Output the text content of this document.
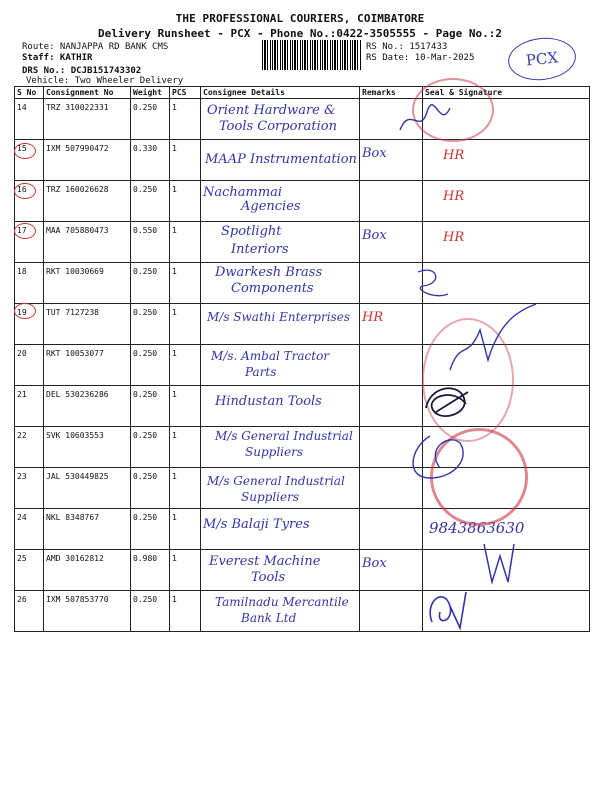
THE PROFESSIONAL COURIERS, COIMBATORE
Delivery Runsheet - PCX - Phone No.:0422-3505555 - Page No.:2
Route: NANJAPPA RD BANK CMS
Staff: KATHIR
DRS No.: DCJB151743302
Vehicle: Two Wheeler Delivery
RS No.: 1517433
RS Date: 10-Mar-2025	PCX
S No	Consignment No	Weight	PCS	Consignee Details	Remarks	Seal & Signature
14	TRZ 310022331	0.250	1	Orient Hardware &
Tools Corporation		

15	IXM 507990472	0.330	1	MAAP Instrumentation	Box	HR

16	TRZ 160026628	0.250	1	Nachammai
Agencies		HR

17	MAA 705880473	0.550	1	Spotlight
Interiors	Box	HR

18	RKT 10030669	0.250	1	Dwarkesh Brass
Components		

19	TUT 7127238	0.250	1	M/s Swathi Enterprises	HR	

20	RKT 10053077	0.250	1	M/s. Ambal Tractor
Parts		

21	DEL 530236286	0.250	1	Hindustan Tools		

22	SVK 10603553	0.250	1	M/s General Industrial
Suppliers		

23	JAL 530449825	0.250	1	M/s General Industrial
Suppliers		

24	NKL 8348767	0.250	1	M/s Balaji Tyres		9843863630

25	AMD 30162812	0.980	1	Everest Machine
Tools	Box	

26	IXM 507853770	0.250	1	Tamilnadu Mercantile
Bank Ltd		
